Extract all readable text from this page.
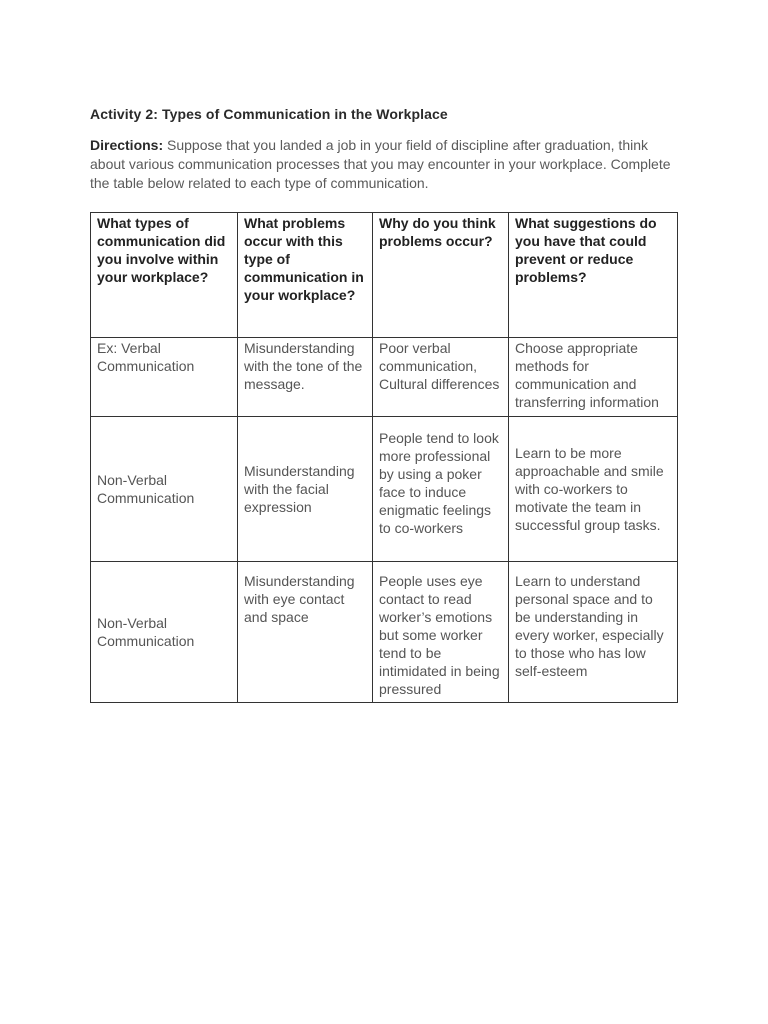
Activity 2: Types of Communication in the Workplace
Directions: Suppose that you landed a job in your field of discipline after graduation, think about various communication processes that you may encounter in your workplace. Complete the table below related to each type of communication.
What types of communication did you involve within your workplace?	What problems occur with this type of communication in your workplace?	Why do you think problems occur?	What suggestions do you have that could prevent or reduce problems?
Ex: Verbal Communication	Misunderstanding with the tone of the message.	Poor verbal communication, Cultural differences	Choose appropriate methods for communication and transferring information
Non-Verbal Communication	Misunderstanding with the facial expression	People tend to look more professional by using a poker face to induce enigmatic feelings to co-workers	Learn to be more approachable and smile with co-workers to motivate the team in successful group tasks.
Non-Verbal Communication	Misunderstanding with eye contact and space	People uses eye contact to read worker’s emotions but some worker tend to be intimidated in being pressured	Learn to understand personal space and to be understanding in every worker, especially to those who has low self-esteem
